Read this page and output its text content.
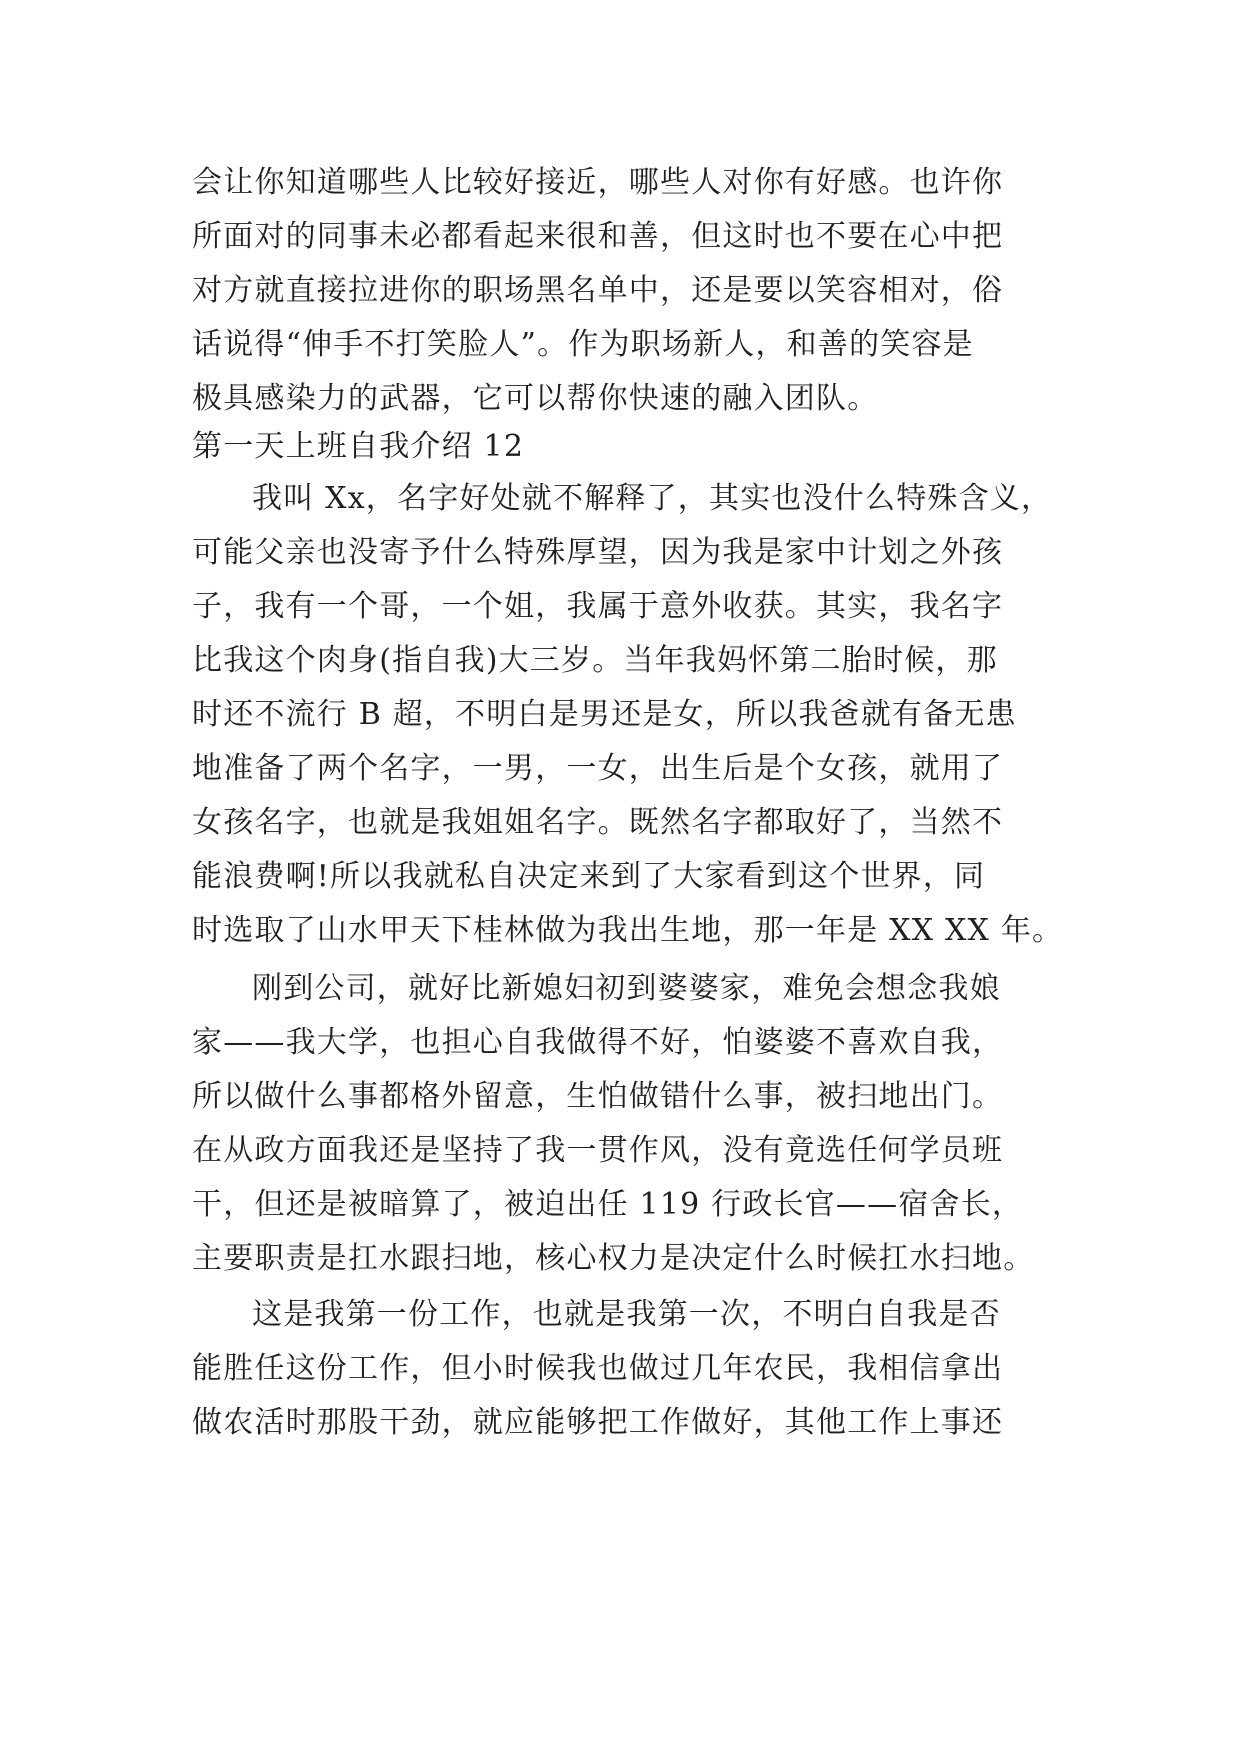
会让你知道哪些人比较好接近，哪些人对你有好感。也许你
所面对的同事未必都看起来很和善，但这时也不要在心中把
对方就直接拉进你的职场黑名单中，还是要以笑容相对，俗
话说得“伸手不打笑脸人”。作为职场新人，和善的笑容是
极具感染力的武器，它可以帮你快速的融入团队。
第一天上班自我介绍 12
我叫 Xx，名字好处就不解释了，其实也没什么特殊含义，
可能父亲也没寄予什么特殊厚望，因为我是家中计划之外孩
子，我有一个哥，一个姐，我属于意外收获。其实，我名字
比我这个肉身(指自我)大三岁。当年我妈怀第二胎时候，那
时还不流行 B 超，不明白是男还是女，所以我爸就有备无患
地准备了两个名字，一男，一女，出生后是个女孩，就用了
女孩名字，也就是我姐姐名字。既然名字都取好了，当然不
能浪费啊!所以我就私自决定来到了大家看到这个世界，同
时选取了山水甲天下桂林做为我出生地，那一年是 XX XX 年。
刚到公司，就好比新媳妇初到婆婆家，难免会想念我娘
家——我大学，也担心自我做得不好，怕婆婆不喜欢自我，
所以做什么事都格外留意，生怕做错什么事，被扫地出门。
在从政方面我还是坚持了我一贯作风，没有竟选任何学员班
干，但还是被暗算了，被迫出任 119 行政长官——宿舍长，
主要职责是扛水跟扫地，核心权力是决定什么时候扛水扫地。
这是我第一份工作，也就是我第一次，不明白自我是否
能胜任这份工作，但小时候我也做过几年农民，我相信拿出
做农活时那股干劲，就应能够把工作做好，其他工作上事还
